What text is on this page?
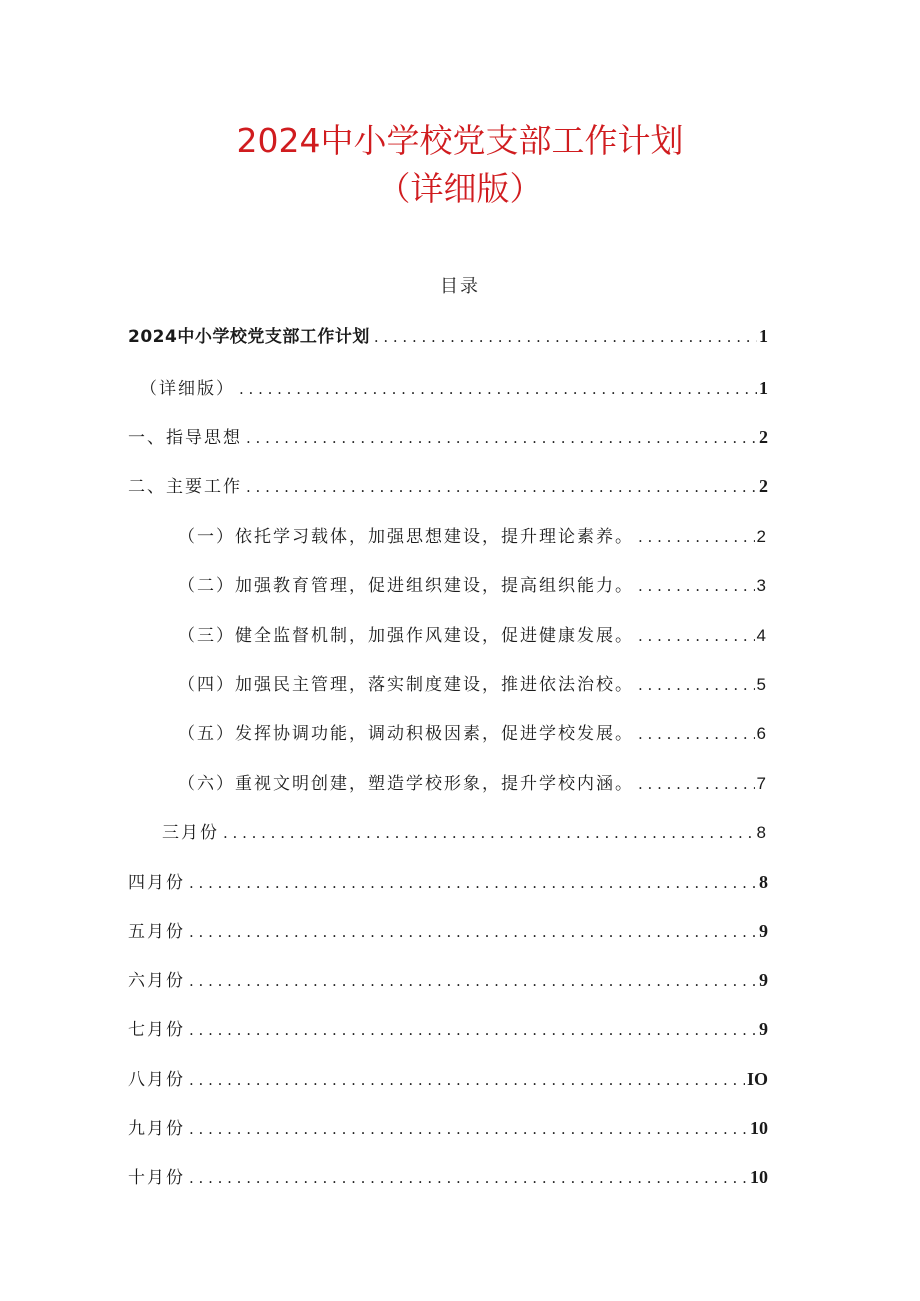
2024中小学校党支部工作计划
（详细版）
目录
2024中小学校党支部工作计划 . . .	1
（详细版） . . .	1
一、指导思想 . . .	2
二、主要工作 . . .	2
（一）依托学习载体，加强思想建设，提升理论素养。 . . .	2
（二）加强教育管理，促进组织建设，提高组织能力。 . . .	3
（三）健全监督机制，加强作风建设，促进健康发展。 . . .	4
（四）加强民主管理，落实制度建设，推进依法治校。 . . .	5
（五）发挥协调功能，调动积极因素，促进学校发展。 . . .	6
（六）重视文明创建，塑造学校形象，提升学校内涵。 . . .	7
三月份 . . .	8
四月份 . . .	8
五月份 . . .	9
六月份 . . .	9
七月份 . . .	9
八月份 . . .	IO
九月份 . . .	10
十月份 . . .	10
